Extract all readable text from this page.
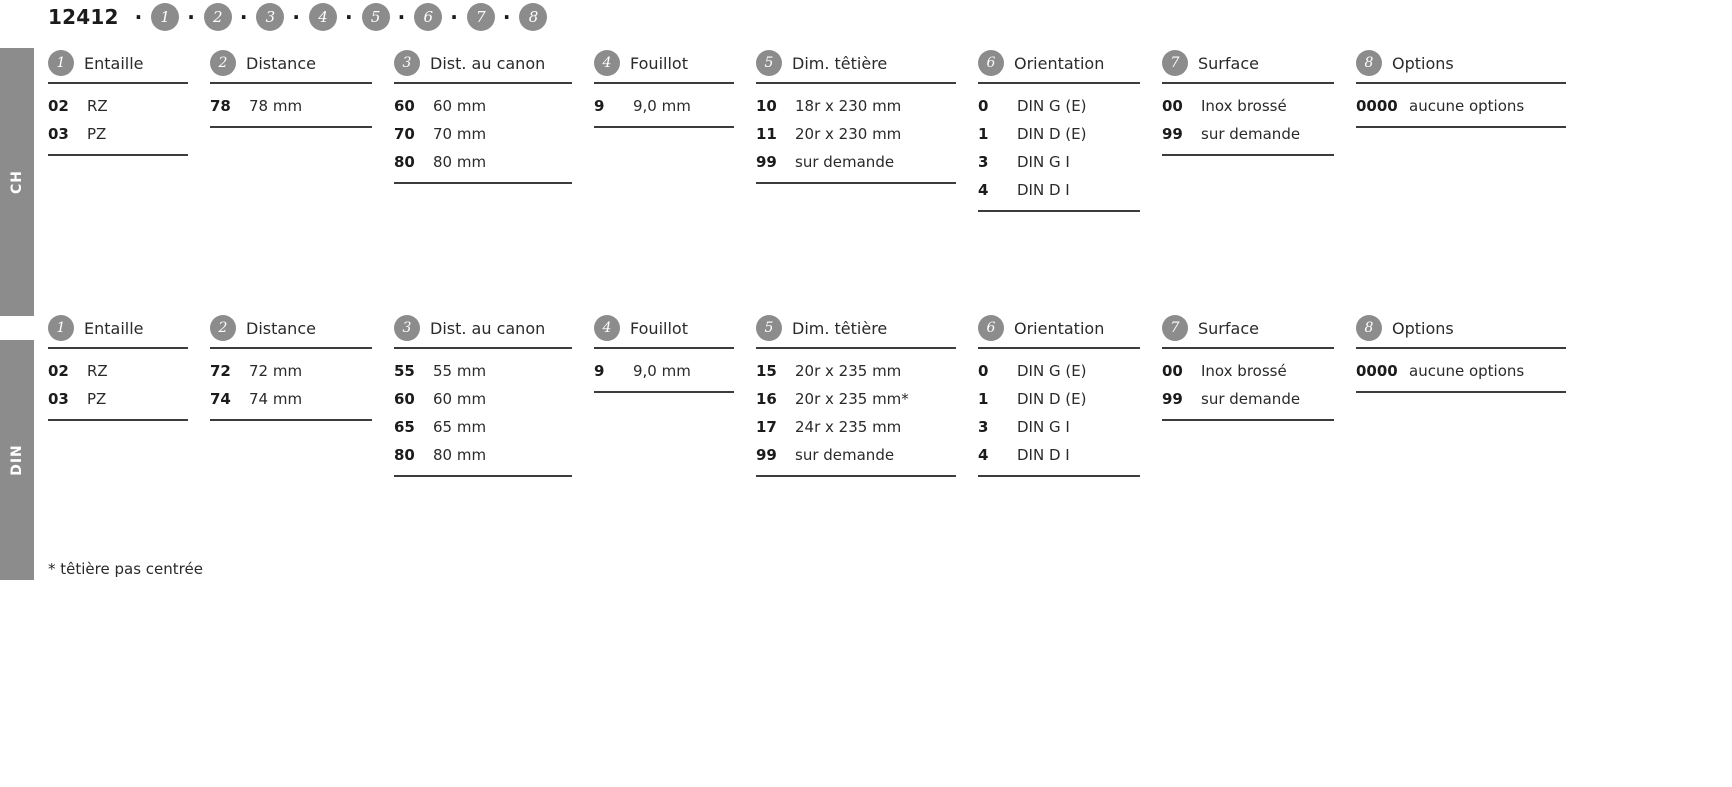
12412 ·	1 ·	2 ·	3 ·	4 ·	5 ·	6 ·	7 ·	8
CH
DIN
1	Entaille
02	RZ
03	PZ
2	Distance
78	78 mm
3	Dist. au canon
60	60 mm
70	70 mm
80	80 mm
4	Fouillot
9	9,0 mm
5	Dim. têtière
10	18r x 230 mm
11	20r x 230 mm
99	sur demande
6	Orientation
0	DIN G (E)
1	DIN D (E)
3	DIN G I
4	DIN D I
7	Surface
00	Inox brossé
99	sur demande
8	Options
0000 aucune options
1	Entaille
02	RZ
03	PZ
2	Distance
72	72 mm
74	74 mm
3	Dist. au canon
55	55 mm
60	60 mm
65	65 mm
80	80 mm
4	Fouillot
9	9,0 mm
5	Dim. têtière
15	20r x 235 mm
16	20r x 235 mm*
17	24r x 235 mm
99	sur demande
6	Orientation
0	DIN G (E)
1	DIN D (E)
3	DIN G I
4	DIN D I
7	Surface
00	Inox brossé
99	sur demande
8	Options
0000 aucune options
* têtière pas centrée
